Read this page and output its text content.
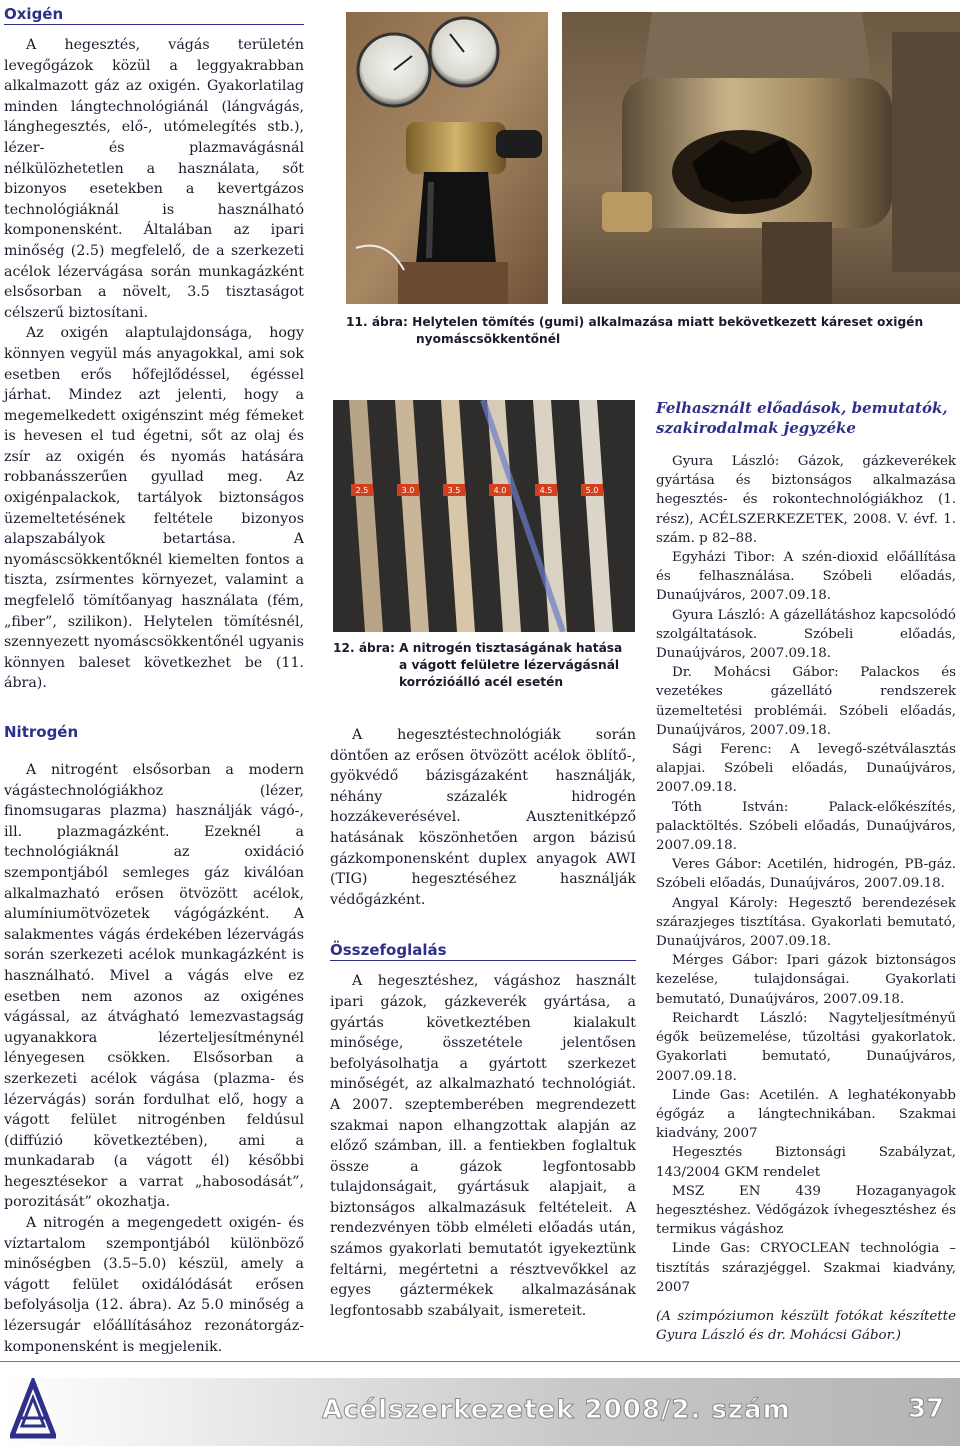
Oxigén

A hegesztés, vágás területén levegőgázok közül a leggyakrabban alkalmazott gáz az oxigén. Gyakorlatilag minden lángtechnológiánál (lángvágás, lánghegesztés, elő-, utómelegítés stb.), lézer- és plazmavágásnál nélkülözhetetlen a használata, sőt bizonyos esetekben a kevertgázos technológiáknál is használható komponensként. Általában az ipari minőség (2.5) megfelelő, de a szerkezeti acélok lézervágása során munkagázként elsősorban a növelt, 3.5 tisztaságot célszerű biztosítani.

Az oxigén alaptulajdonsága, hogy könnyen vegyül más anyagokkal, ami sok esetben erős hőfejlődéssel, égéssel járhat. Mindez azt jelenti, hogy a megemelkedett oxigénszint még fémeket is hevesen el tud égetni, sőt az olaj és zsír az oxigén és nyomás hatására robbanásszerűen gyullad meg. Az oxigénpalackok, tartályok biztonságos üzemeltetésének feltétele bizonyos alapszabályok betartása. A nyomáscsökkentőknél kiemelten fontos a tiszta, zsírmentes környezet, valamint a megfelelő tömítőanyag használata (fém, „fiber”, szilikon). Helytelen tömítésnél, szennyezett nyomáscsökkentőnél ugyanis könnyen baleset következhet be (11. ábra).

Nitrogén

A nitrogént elsősorban a modern vágástechnológiákhoz (lézer, finomsugaras plazma) használják vágó-, ill. plazmagázként. Ezeknél a technológiáknál az oxidáció szempontjából semleges gáz kiválóan alkalmazható erősen ötvözött acélok, alumíniumötvözetek vágógázként. A salakmentes vágás érdekében lézervágás során szerkezeti acélok munkagázként is használható. Mivel a vágás elve ez esetben nem azonos az oxigénes vágással, az átvágható lemezvastagság ugyanakkora lézerteljesítménynél lényegesen csökken. Elsősorban a szerkezeti acélok vágása (plazma- és lézervágás) során fordulhat elő, hogy a vágott felület nitrogénben feldúsul (diffúzió következtében), ami a munkadarab (a vágott él) későbbi hegesztésekor a varrat „habosodását”, porozitását” okozhatja.

A nitrogén a megengedett oxigén- és víztartalom szempontjából különböző minőségben (3.5–5.0) készül, amely a vágott felület oxidálódását erősen befolyásolja (12. ábra). Az 5.0 minőség a lézersugár előállításához rezonátorgáz-komponensként is megjelenik.

11. ábra: Helytelen tömítés (gumi) alkalmazása miatt bekövetkezett káreset oxigén

nyomáscsökkentőnél

2.5	3.0	3.5	4.0	4.5	5.0

12. ábra: A nitrogén tisztaságának hatása

a vágott felületre lézervágásnál

korrózióálló acél esetén

A hegesztéstechnológiák során döntően az erősen ötvözött acélok öblítő-, gyökvédő bázisgázaként használják, néhány százalék hidrogén hozzákeverésével. Ausztenitképző hatásának köszönhetően argon bázisú gázkomponensként duplex anyagok AWI (TIG) hegesztéséhez használják védőgázként.

Összefoglalás

A hegesztéshez, vágáshoz használt ipari gázok, gázkeverék gyártása, a gyártás következtében kialakult minősége, összetétele jelentősen befolyásolhatja a gyártott szerkezet minőségét, az alkalmazható technológiát. A 2007. szeptemberében megrendezett szakmai napon elhangzottak alapján az előző számban, ill. a fentiekben foglaltuk össze a gázok legfontosabb tulajdonságait, gyártásuk alapjait, a biztonságos alkalmazásuk feltételeit. A rendezvényen több elméleti előadás után, számos gyakorlati bemutatót igyekeztünk feltárni, megértetni a résztvevőkkel az egyes gáztermékek alkalmazásának legfontosabb szabályait, ismereteit.

Felhasznált előadások, bemutatók, szakirodalmak jegyzéke

Gyura László: Gázok, gázkeverékek gyártása és biztonságos alkalmazása hegesztés- és rokontechnológiákhoz (1. rész), ACÉLSZERKEZETEK, 2008. V. évf. 1. szám. p 82–88.

Egyházi Tibor: A szén-dioxid előállítása és felhasználása. Szóbeli előadás, Dunaújváros, 2007.09.18.

Gyura László: A gázellátáshoz kapcsolódó szolgáltatások. Szóbeli előadás, Dunaújváros, 2007.09.18.

Dr. Mohácsi Gábor: Palackos és vezetékes gázellátó rendszerek üzemeltetési problémái. Szóbeli előadás, Dunaújváros, 2007.09.18.

Sági Ferenc: A levegő-szétválasztás alapjai. Szóbeli előadás, Dunaújváros, 2007.09.18.

Tóth István: Palack-előkészítés, palacktöltés. Szóbeli előadás, Dunaújváros, 2007.09.18.

Veres Gábor: Acetilén, hidrogén, PB-gáz. Szóbeli előadás, Dunaújváros, 2007.09.18.

Angyal Károly: Hegesztő berendezések szárazjeges tisztítása. Gyakorlati bemutató, Dunaújváros, 2007.09.18.

Mérges Gábor: Ipari gázok biztonságos kezelése, tulajdonságai. Gyakorlati bemutató, Dunaújváros, 2007.09.18.

Reichardt László: Nagyteljesítményű égők beüzemelése, tűzoltási gyakorlatok. Gyakorlati bemutató, Dunaújváros, 2007.09.18.

Linde Gas: Acetilén. A leghatékonyabb égőgáz a lángtechnikában. Szakmai kiadvány, 2007

Hegesztés Biztonsági Szabályzat, 143/2004 GKM rendelet

MSZ EN 439 Hozaganyagok hegesztéshez. Védőgázok ívhegesztéshez és termikus vágáshoz

Linde Gas: CRYOCLEAN technológia – tisztítás szárazjéggel. Szakmai kiadvány, 2007

(A szimpóziumon készült fotókat készítette Gyura László és dr. Mohácsi Gábor.)

Acélszerkezetek 2008/2. szám	37
